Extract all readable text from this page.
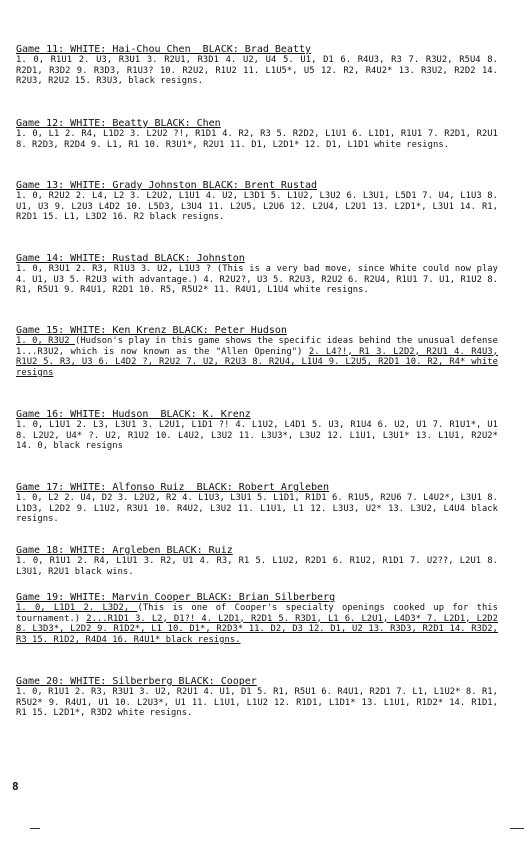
Game 11: WHITE: Hai-Chou Chen  BLACK: Brad Beatty
1. 0, R1U1 2. U3, R3U1 3. R2U1, R3D1 4. U2, U4 5. U1, D1 6. R4U3, R3 7. R3U2, R5U4 8. R2D1, R3D2 9. R3D3, R1U3? 10. R2U2, R1U2 11. L1U5*, U5 12. R2, R4U2* 13. R3U2, R2D2 14. R2U3, R2U2 15. R3U3, black resigns.
Game 12: WHITE: Beatty BLACK: Chen
1. 0, L1 2. R4, L1D2 3. L2U2 ?!, R1D1 4. R2, R3 5. R2D2, L1U1 6. L1D1, R1U1 7. R2D1, R2U1 8. R2D3, R2D4 9. L1, R1 10. R3U1*, R2U1 11. D1, L2D1* 12. D1, L1D1 white resigns.
Game 13: WHITE: Grady Johnston BLACK: Brent Rustad
1. 0, R2U2 2. L4, L2 3. L2U2, L1U1 4. U2, L3D1 5. L1U2, L3U2 6. L3U1, L5D1 7. U4, L1U3 8. U1, U3 9. L2U3 L4D2 10. L5D3, L3U4 11. L2U5, L2U6 12. L2U4, L2U1 13. L2D1*, L3U1 14. R1, R2D1 15. L1, L3D2 16. R2 black resigns.
Game 14: WHITE: Rustad BLACK: Johnston
1. 0, R3U1 2. R3, R1U3 3. U2, L1U3 ? (This is a very bad move, since White could now play 4. U1, U3 5. R2U3 with advantage.) 4. R2U2?, U3 5. R2U3, R2U2 6. R2U4, R1U1 7. U1, R1U2 8. R1, R5U1 9. R4U1, R2D1 10. R5, R5U2* 11. R4U1, L1U4 white resigns.
Game 15: WHITE: Ken Krenz BLACK: Peter Hudson
1. 0, R3U2 (Hudson's play in this game shows the specific ideas behind the unusual defense 1...R3U2, which is now known as the "Allen Opening") 2. L4?!, R1 3. L2D2, R2U1 4. R4U3, R1U2 5. R3, U3 6. L4D2 ?, R2U2 7. U2, R2U3 8. R2U4, L1U4 9. L2U5, R2D1 10. R2, R4* white resigns
Game 16: WHITE: Hudson  BLACK: K. Krenz
1. 0, L1U1 2. L3, L3U1 3. L2U1, L1D1 ?! 4. L1U2, L4D1 5. U3, R1U4 6. U2, U1 7. R1U1*, U1 8. L2U2, U4* ?. U2, R1U2 10. L4U2, L3U2 11. L3U3*, L3U2 12. L1U1, L3U1* 13. L1U1, R2U2* 14. 0, black resigns
Game 17: WHITE: Alfonso Ruiz  BLACK: Robert Argleben
1. 0, L2 2. U4, D2 3. L2U2, R2 4. L1U3, L3U1 5. L1D1, R1D1 6. R1U5, R2U6 7. L4U2*, L3U1 8. L1D3, L2D2 9. L1U2, R3U1 10. R4U2, L3U2 11. L1U1, L1 12. L3U3, U2* 13. L3U2, L4U4 black resigns.
Game 18: WHITE: Argleben BLACK: Ruiz
1. 0, R1U1 2. R4, L1U1 3. R2, U1 4. R3, R1 5. L1U2, R2D1 6. R1U2, R1D1 7. U2??, L2U1 8. L3U1, R2U1 black wins.
Game 19: WHITE: Marvin Cooper BLACK: Brian Silberberg
1. 0, L1D1 2. L3D2, (This is one of Cooper's specialty openings cooked up for this tournament.) 2...R1D1 3. L2, D1?! 4. L2D1, R2D1 5. R3D1, L1 6. L2U1, L4D3* 7. L2D1, L2D2 8. L3D3*, L2D2 9. R1D2*, L1 10. D1*, R2D3* 11. D2, D3 12. D1, U2 13. R3D3, R2D1 14. R3D2, R3 15. R1D2, R4D4 16. R4U1* black resigns.
Game 20: WHITE: Silberberg BLACK: Cooper
1. 0, R1U1 2. R3, R3U1 3. U2, R2U1 4. U1, D1 5. R1, R5U1 6. R4U1, R2D1 7. L1, L1U2* 8. R1, R5U2* 9. R4U1, U1 10. L2U3*, U1 11. L1U1, L1U2 12. R1D1, L1D1* 13. L1U1, R1D2* 14. R1D1, R1 15. L2D1*, R3D2 white resigns.
8
